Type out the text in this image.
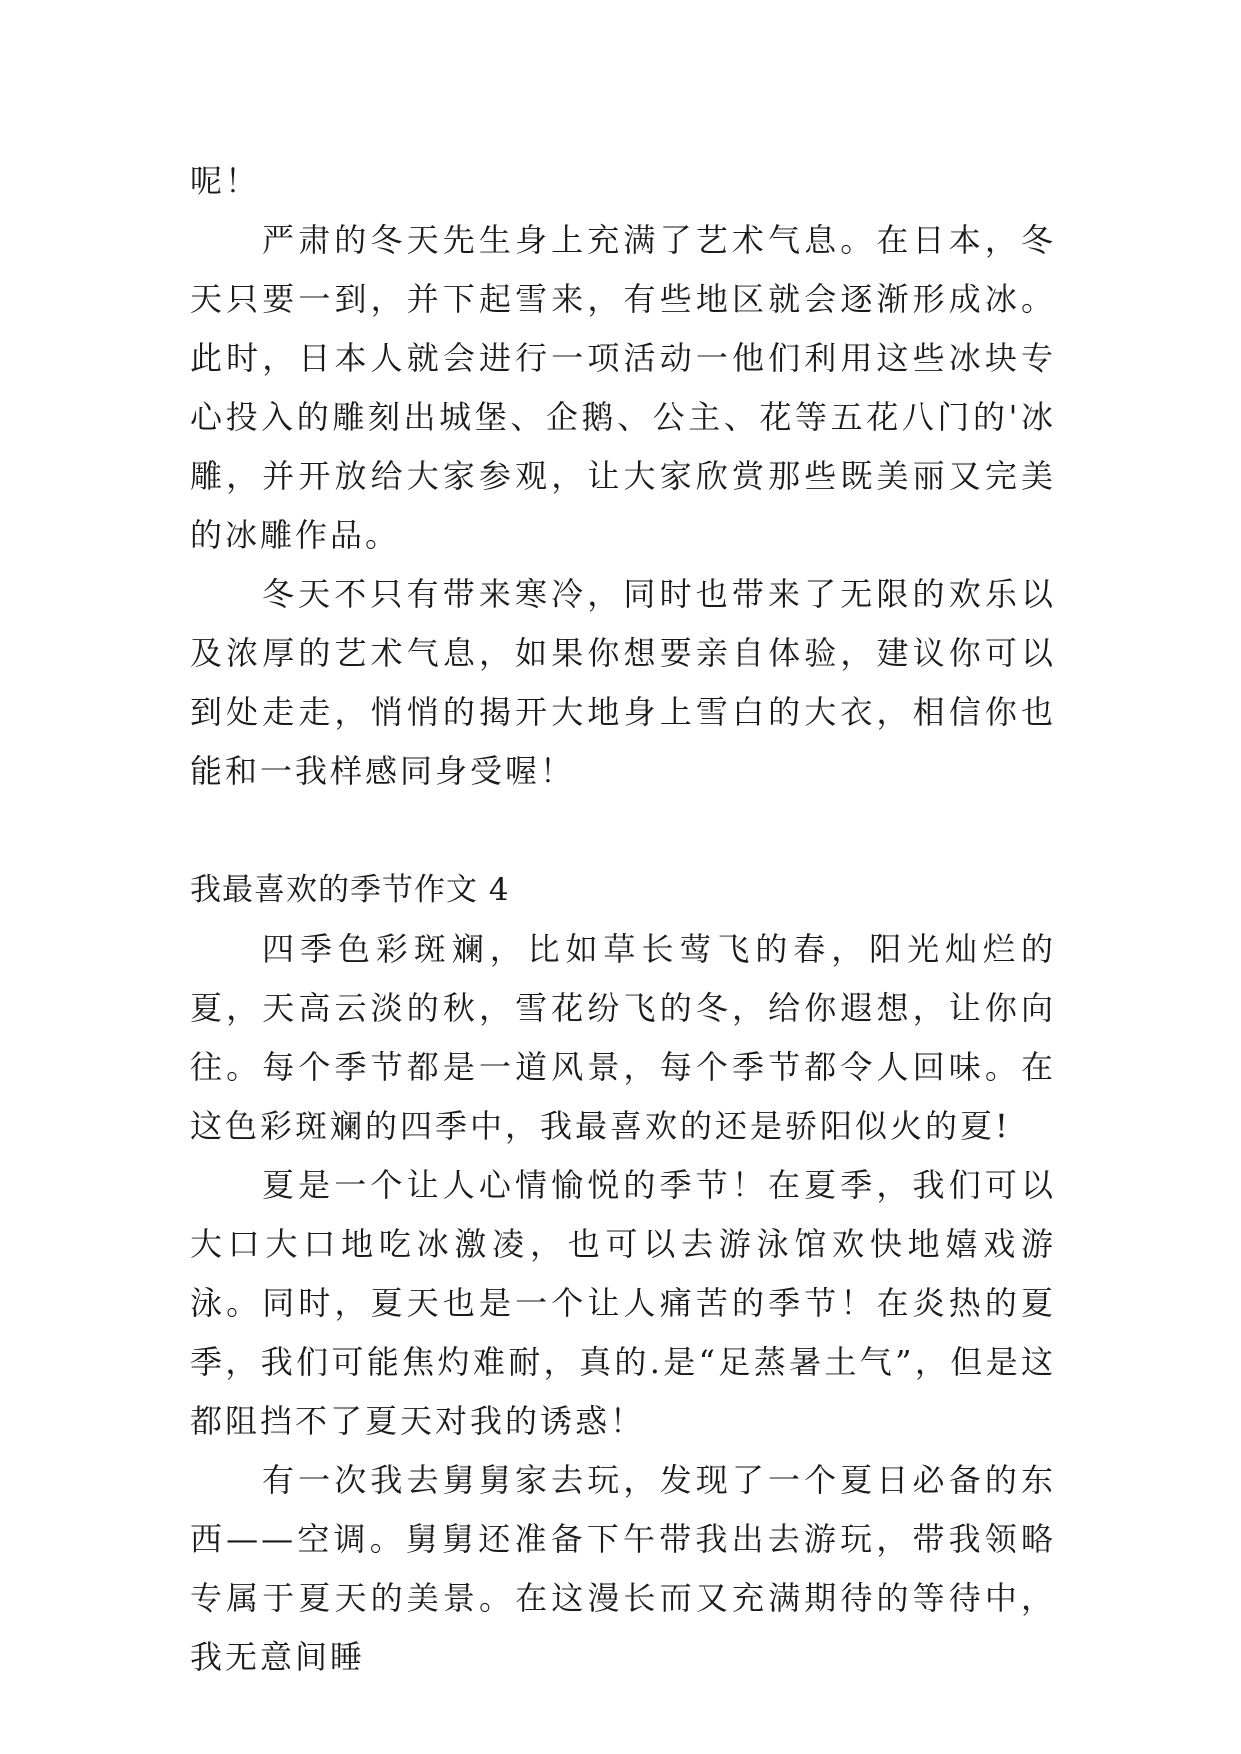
呢！

严肃的冬天先生身上充满了艺术气息。在日本，冬天只要一到，并下起雪来，有些地区就会逐渐形成冰。此时，日本人就会进行一项活动一他们利用这些冰块专心投入的雕刻出城堡、企鹅、公主、花等五花八门的'冰雕，并开放给大家参观，让大家欣赏那些既美丽又完美的冰雕作品。

冬天不只有带来寒冷，同时也带来了无限的欢乐以及浓厚的艺术气息，如果你想要亲自体验，建议你可以到处走走，悄悄的揭开大地身上雪白的大衣，相信你也能和一我样感同身受喔！

我最喜欢的季节作文 4

四季色彩斑斓，比如草长莺飞的春，阳光灿烂的夏，天高云淡的秋，雪花纷飞的冬，给你遐想，让你向往。每个季节都是一道风景，每个季节都令人回味。在这色彩斑斓的四季中，我最喜欢的还是骄阳似火的夏!

夏是一个让人心情愉悦的季节！在夏季，我们可以大口大口地吃冰激凌，也可以去游泳馆欢快地嬉戏游泳。同时，夏天也是一个让人痛苦的季节！在炎热的夏季，我们可能焦灼难耐，真的.是“足蒸暑土气”，但是这都阻挡不了夏天对我的诱惑！

有一次我去舅舅家去玩，发现了一个夏日必备的东西——空调。舅舅还准备下午带我出去游玩，带我领略专属于夏天的美景。在这漫长而又充满期待的等待中，我无意间睡
